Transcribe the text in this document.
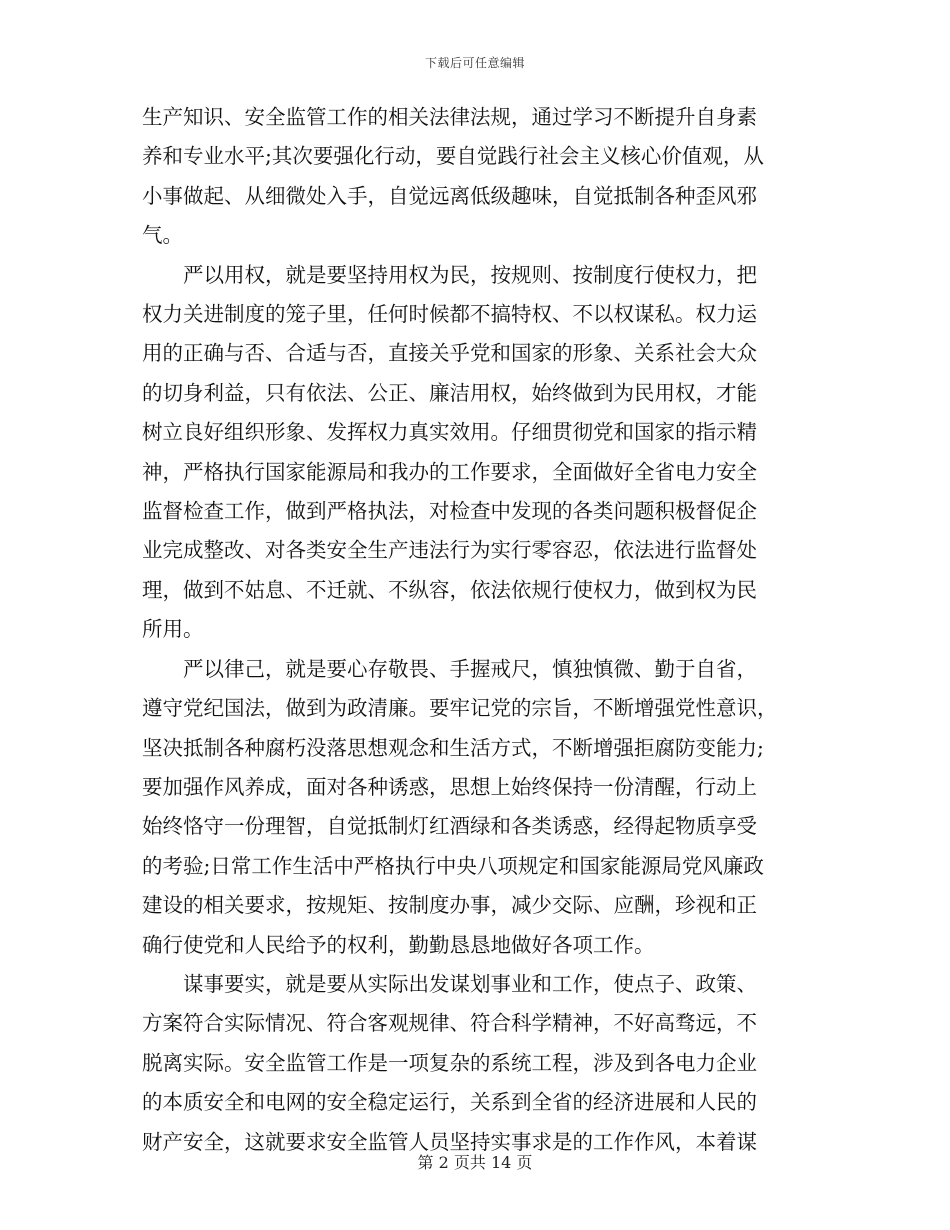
下载后可任意编辑

生产知识、安全监管工作的相关法律法规，通过学习不断提升自身素
养和专业水平;其次要强化行动，要自觉践行社会主义核心价值观，从
小事做起、从细微处入手，自觉远离低级趣味，自觉抵制各种歪风邪
气。

　　严以用权，就是要坚持用权为民，按规则、按制度行使权力，把
权力关进制度的笼子里，任何时候都不搞特权、不以权谋私。权力运
用的正确与否、合适与否，直接关乎党和国家的形象、关系社会大众
的切身利益，只有依法、公正、廉洁用权，始终做到为民用权，才能
树立良好组织形象、发挥权力真实效用。仔细贯彻党和国家的指示精
神，严格执行国家能源局和我办的工作要求，全面做好全省电力安全
监督检查工作，做到严格执法，对检查中发现的各类问题积极督促企
业完成整改、对各类安全生产违法行为实行零容忍，依法进行监督处
理，做到不姑息、不迁就、不纵容，依法依规行使权力，做到权为民
所用。

　　严以律己，就是要心存敬畏、手握戒尺，慎独慎微、勤于自省，
遵守党纪国法，做到为政清廉。要牢记党的宗旨，不断增强党性意识，
坚决抵制各种腐朽没落思想观念和生活方式，不断增强拒腐防变能力;
要加强作风养成，面对各种诱惑，思想上始终保持一份清醒，行动上
始终恪守一份理智，自觉抵制灯红酒绿和各类诱惑，经得起物质享受
的考验;日常工作生活中严格执行中央八项规定和国家能源局党风廉政
建设的相关要求，按规矩、按制度办事，减少交际、应酬，珍视和正
确行使党和人民给予的权利，勤勤恳恳地做好各项工作。

　　谋事要实，就是要从实际出发谋划事业和工作，使点子、政策、
方案符合实际情况、符合客观规律、符合科学精神，不好高骛远，不
脱离实际。安全监管工作是一项复杂的系统工程，涉及到各电力企业
的本质安全和电网的安全稳定运行，关系到全省的经济进展和人民的
财产安全，这就要求安全监管人员坚持实事求是的工作作风，本着谋

第 2 页共 14 页
